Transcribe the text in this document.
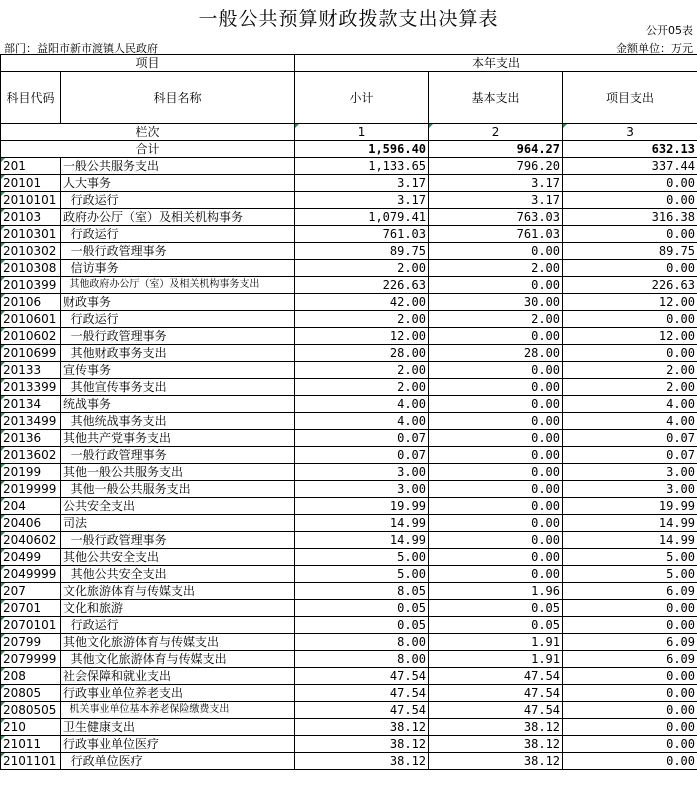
一般公共预算财政拨款支出决算表
公开05表
部门：益阳市新市渡镇人民政府	金额单位：万元
项目		本年支出		
科目代码	科目名称	小计	基本支出	项目支出
栏次		1	2	3
合计		1,596.40	964.27	632.13
201	一般公共服务支出	1,133.65	796.20	337.44
20101	人大事务	3.17	3.17	0.00
2010101	行政运行	3.17	3.17	0.00
20103	政府办公厅（室）及相关机构事务	1,079.41	763.03	316.38
2010301	行政运行	761.03	761.03	0.00
2010302	一般行政管理事务	89.75	0.00	89.75
2010308	信访事务	2.00	2.00	0.00
2010399	其他政府办公厅（室）及相关机构事务支出	226.63	0.00	226.63
20106	财政事务	42.00	30.00	12.00
2010601	行政运行	2.00	2.00	0.00
2010602	一般行政管理事务	12.00	0.00	12.00
2010699	其他财政事务支出	28.00	28.00	0.00
20133	宣传事务	2.00	0.00	2.00
2013399	其他宣传事务支出	2.00	0.00	2.00
20134	统战事务	4.00	0.00	4.00
2013499	其他统战事务支出	4.00	0.00	4.00
20136	其他共产党事务支出	0.07	0.00	0.07
2013602	一般行政管理事务	0.07	0.00	0.07
20199	其他一般公共服务支出	3.00	0.00	3.00
2019999	其他一般公共服务支出	3.00	0.00	3.00
204	公共安全支出	19.99	0.00	19.99
20406	司法	14.99	0.00	14.99
2040602	一般行政管理事务	14.99	0.00	14.99
20499	其他公共安全支出	5.00	0.00	5.00
2049999	其他公共安全支出	5.00	0.00	5.00
207	文化旅游体育与传媒支出	8.05	1.96	6.09
20701	文化和旅游	0.05	0.05	0.00
2070101	行政运行	0.05	0.05	0.00
20799	其他文化旅游体育与传媒支出	8.00	1.91	6.09
2079999	其他文化旅游体育与传媒支出	8.00	1.91	6.09
208	社会保障和就业支出	47.54	47.54	0.00
20805	行政事业单位养老支出	47.54	47.54	0.00
2080505	机关事业单位基本养老保险缴费支出	47.54	47.54	0.00
210	卫生健康支出	38.12	38.12	0.00
21011	行政事业单位医疗	38.12	38.12	0.00
2101101	行政单位医疗	38.12	38.12	0.00
